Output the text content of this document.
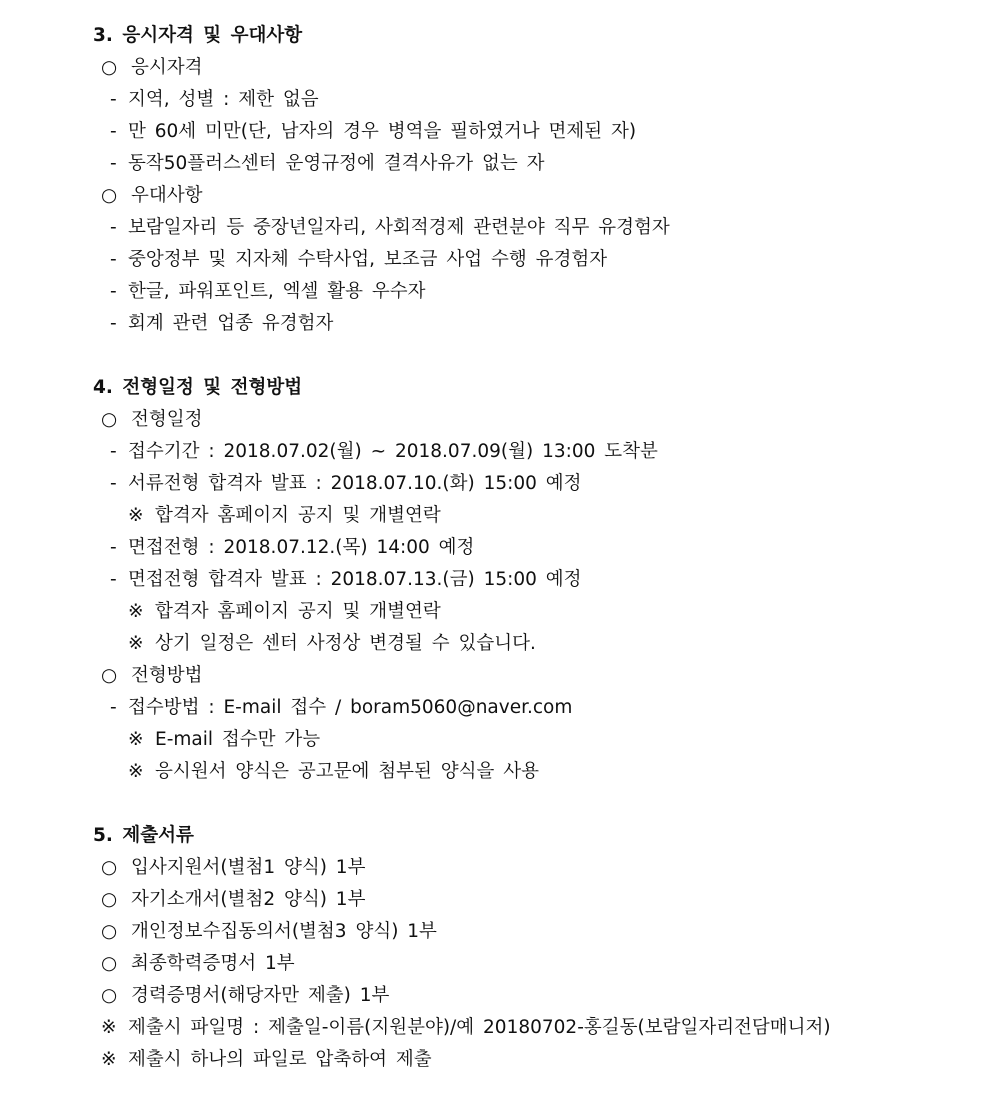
3. 응시자격 및 우대사항
○ 응시자격
- 지역, 성별 : 제한 없음
- 만 60세 미만(단, 남자의 경우 병역을 필하였거나 면제된 자)
- 동작50플러스센터 운영규정에 결격사유가 없는 자
○ 우대사항
- 보람일자리 등 중장년일자리, 사회적경제 관련분야 직무 유경험자
- 중앙정부 및 지자체 수탁사업, 보조금 사업 수행 유경험자
- 한글, 파워포인트, 엑셀 활용 우수자
- 회계 관련 업종 유경험자
4. 전형일정 및 전형방법
○ 전형일정
- 접수기간 : 2018.07.02(월) ~ 2018.07.09(월) 13:00 도착분
- 서류전형 합격자 발표 : 2018.07.10.(화) 15:00 예정
※ 합격자 홈페이지 공지 및 개별연락
- 면접전형 : 2018.07.12.(목) 14:00 예정
- 면접전형 합격자 발표 : 2018.07.13.(금) 15:00 예정
※ 합격자 홈페이지 공지 및 개별연락
※ 상기 일정은 센터 사정상 변경될 수 있습니다.
○ 전형방법
- 접수방법 : E-mail 접수 / boram5060@naver.com
※ E-mail 접수만 가능
※ 응시원서 양식은 공고문에 첨부된 양식을 사용
5. 제출서류
○ 입사지원서(별첨1 양식) 1부
○ 자기소개서(별첨2 양식) 1부
○ 개인정보수집동의서(별첨3 양식) 1부
○ 최종학력증명서 1부
○ 경력증명서(해당자만 제출) 1부
※ 제출시 파일명 : 제출일-이름(지원분야)/예 20180702-홍길동(보람일자리전담매니저)
※ 제출시 하나의 파일로 압축하여 제출
